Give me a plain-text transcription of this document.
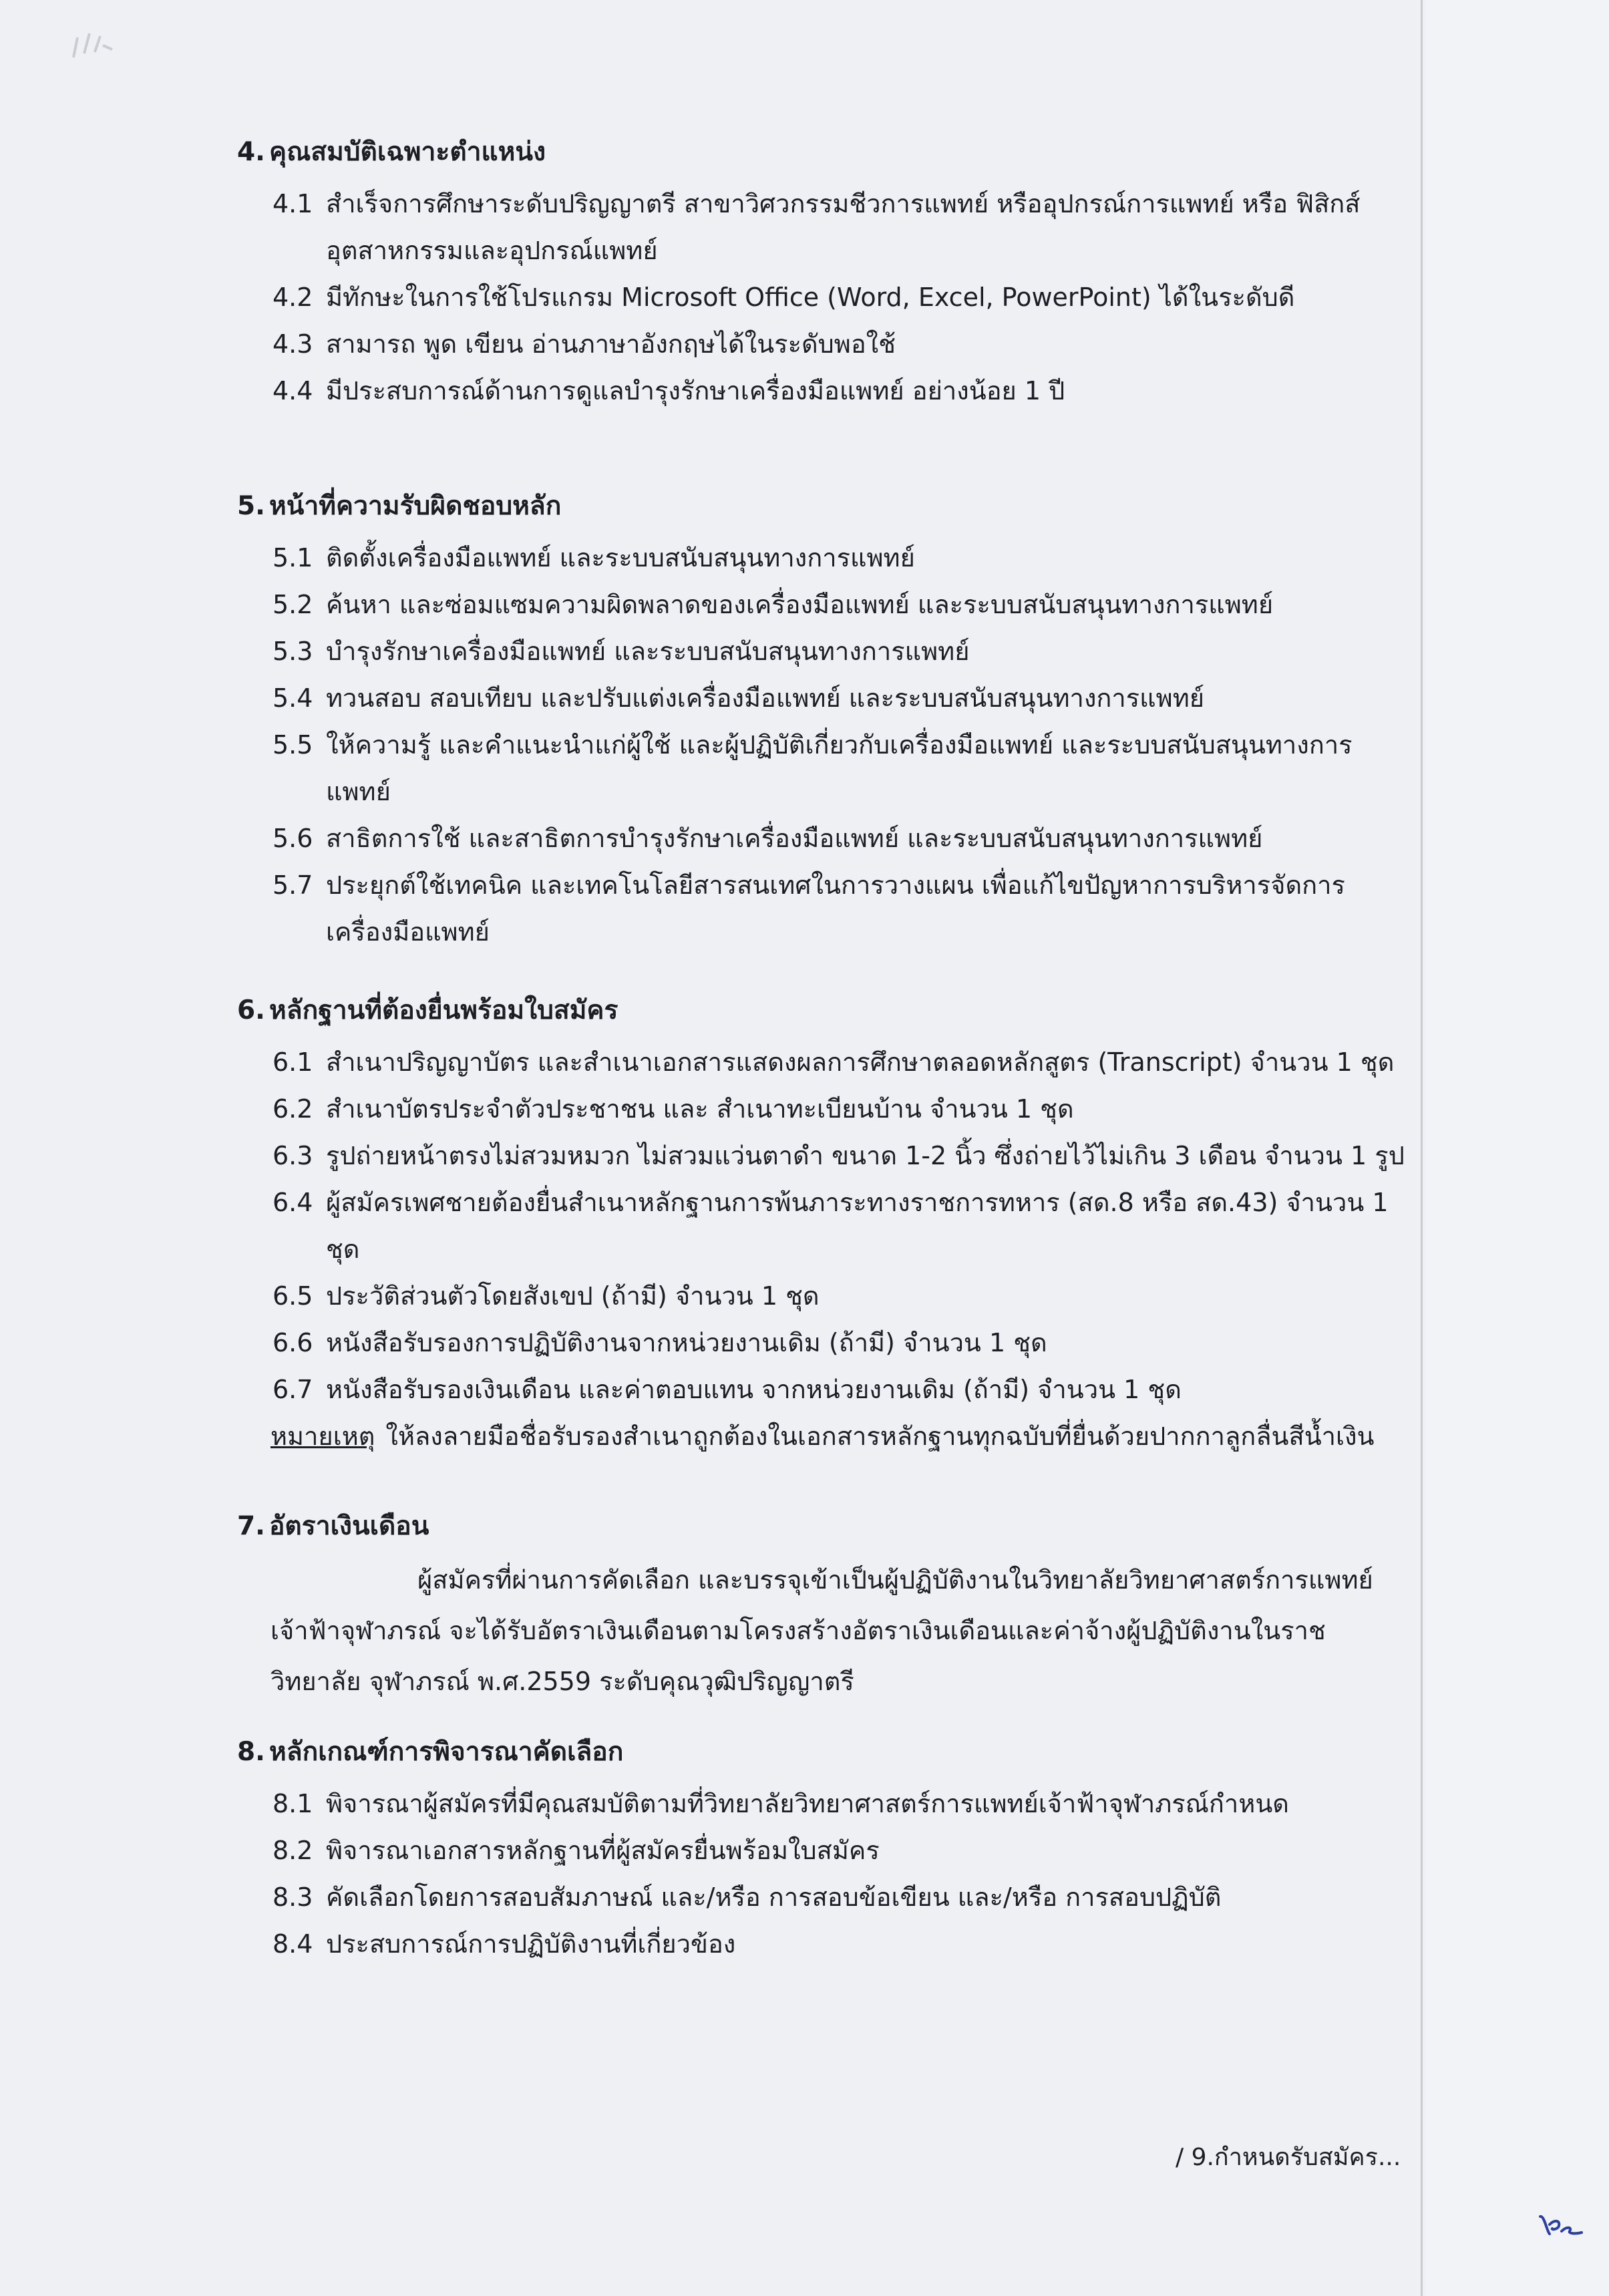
4. คุณสมบัติเฉพาะตำแหน่ง
4.1 สำเร็จการศึกษาระดับปริญญาตรี สาขาวิศวกรรมชีวการแพทย์ หรืออุปกรณ์การแพทย์ หรือ ฟิสิกส์อุตสาหกรรมและอุปกรณ์แพทย์
4.2 มีทักษะในการใช้โปรแกรม Microsoft Office (Word, Excel, PowerPoint) ได้ในระดับดี
4.3 สามารถ พูด เขียน อ่านภาษาอังกฤษได้ในระดับพอใช้
4.4 มีประสบการณ์ด้านการดูแลบำรุงรักษาเครื่องมือแพทย์ อย่างน้อย 1 ปี
5. หน้าที่ความรับผิดชอบหลัก
5.1 ติดตั้งเครื่องมือแพทย์ และระบบสนับสนุนทางการแพทย์
5.2 ค้นหา และซ่อมแซมความผิดพลาดของเครื่องมือแพทย์ และระบบสนับสนุนทางการแพทย์
5.3 บำรุงรักษาเครื่องมือแพทย์ และระบบสนับสนุนทางการแพทย์
5.4 ทวนสอบ สอบเทียบ และปรับแต่งเครื่องมือแพทย์ และระบบสนับสนุนทางการแพทย์
5.5 ให้ความรู้ และคำแนะนำแก่ผู้ใช้ และผู้ปฏิบัติเกี่ยวกับเครื่องมือแพทย์ และระบบสนับสนุนทางการแพทย์
5.6 สาธิตการใช้ และสาธิตการบำรุงรักษาเครื่องมือแพทย์ และระบบสนับสนุนทางการแพทย์
5.7 ประยุกต์ใช้เทคนิค และเทคโนโลยีสารสนเทศในการวางแผน เพื่อแก้ไขปัญหาการบริหารจัดการ เครื่องมือแพทย์
6. หลักฐานที่ต้องยื่นพร้อมใบสมัคร
6.1 สำเนาปริญญาบัตร และสำเนาเอกสารแสดงผลการศึกษาตลอดหลักสูตร (Transcript) จำนวน 1 ชุด
6.2 สำเนาบัตรประจำตัวประชาชน และ สำเนาทะเบียนบ้าน จำนวน 1 ชุด
6.3 รูปถ่ายหน้าตรงไม่สวมหมวก ไม่สวมแว่นตาดำ ขนาด 1-2 นิ้ว ซึ่งถ่ายไว้ไม่เกิน 3 เดือน จำนวน 1 รูป
6.4 ผู้สมัครเพศชายต้องยื่นสำเนาหลักฐานการพ้นภาระทางราชการทหาร (สด.8 หรือ สด.43) จำนวน 1 ชุด
6.5 ประวัติส่วนตัวโดยสังเขป (ถ้ามี) จำนวน 1 ชุด
6.6 หนังสือรับรองการปฏิบัติงานจากหน่วยงานเดิม (ถ้ามี) จำนวน 1 ชุด
6.7 หนังสือรับรองเงินเดือน และค่าตอบแทน จากหน่วยงานเดิม (ถ้ามี) จำนวน 1 ชุด
หมายเหตุ ให้ลงลายมือชื่อรับรองสำเนาถูกต้องในเอกสารหลักฐานทุกฉบับที่ยื่นด้วยปากกาลูกลื่นสีน้ำเงิน
7. อัตราเงินเดือน
ผู้สมัครที่ผ่านการคัดเลือก และบรรจุเข้าเป็นผู้ปฏิบัติงานในวิทยาลัยวิทยาศาสตร์การแพทย์ เจ้าฟ้าจุฬาภรณ์ จะได้รับอัตราเงินเดือนตามโครงสร้างอัตราเงินเดือนและค่าจ้างผู้ปฏิบัติงานในราชวิทยาลัย จุฬาภรณ์ พ.ศ.2559 ระดับคุณวุฒิปริญญาตรี
8. หลักเกณฑ์การพิจารณาคัดเลือก
8.1 พิจารณาผู้สมัครที่มีคุณสมบัติตามที่วิทยาลัยวิทยาศาสตร์การแพทย์เจ้าฟ้าจุฬาภรณ์กำหนด
8.2 พิจารณาเอกสารหลักฐานที่ผู้สมัครยื่นพร้อมใบสมัคร
8.3 คัดเลือกโดยการสอบสัมภาษณ์ และ/หรือ การสอบข้อเขียน และ/หรือ การสอบปฏิบัติ
8.4 ประสบการณ์การปฏิบัติงานที่เกี่ยวข้อง
/ 9.กำหนดรับสมัคร...
